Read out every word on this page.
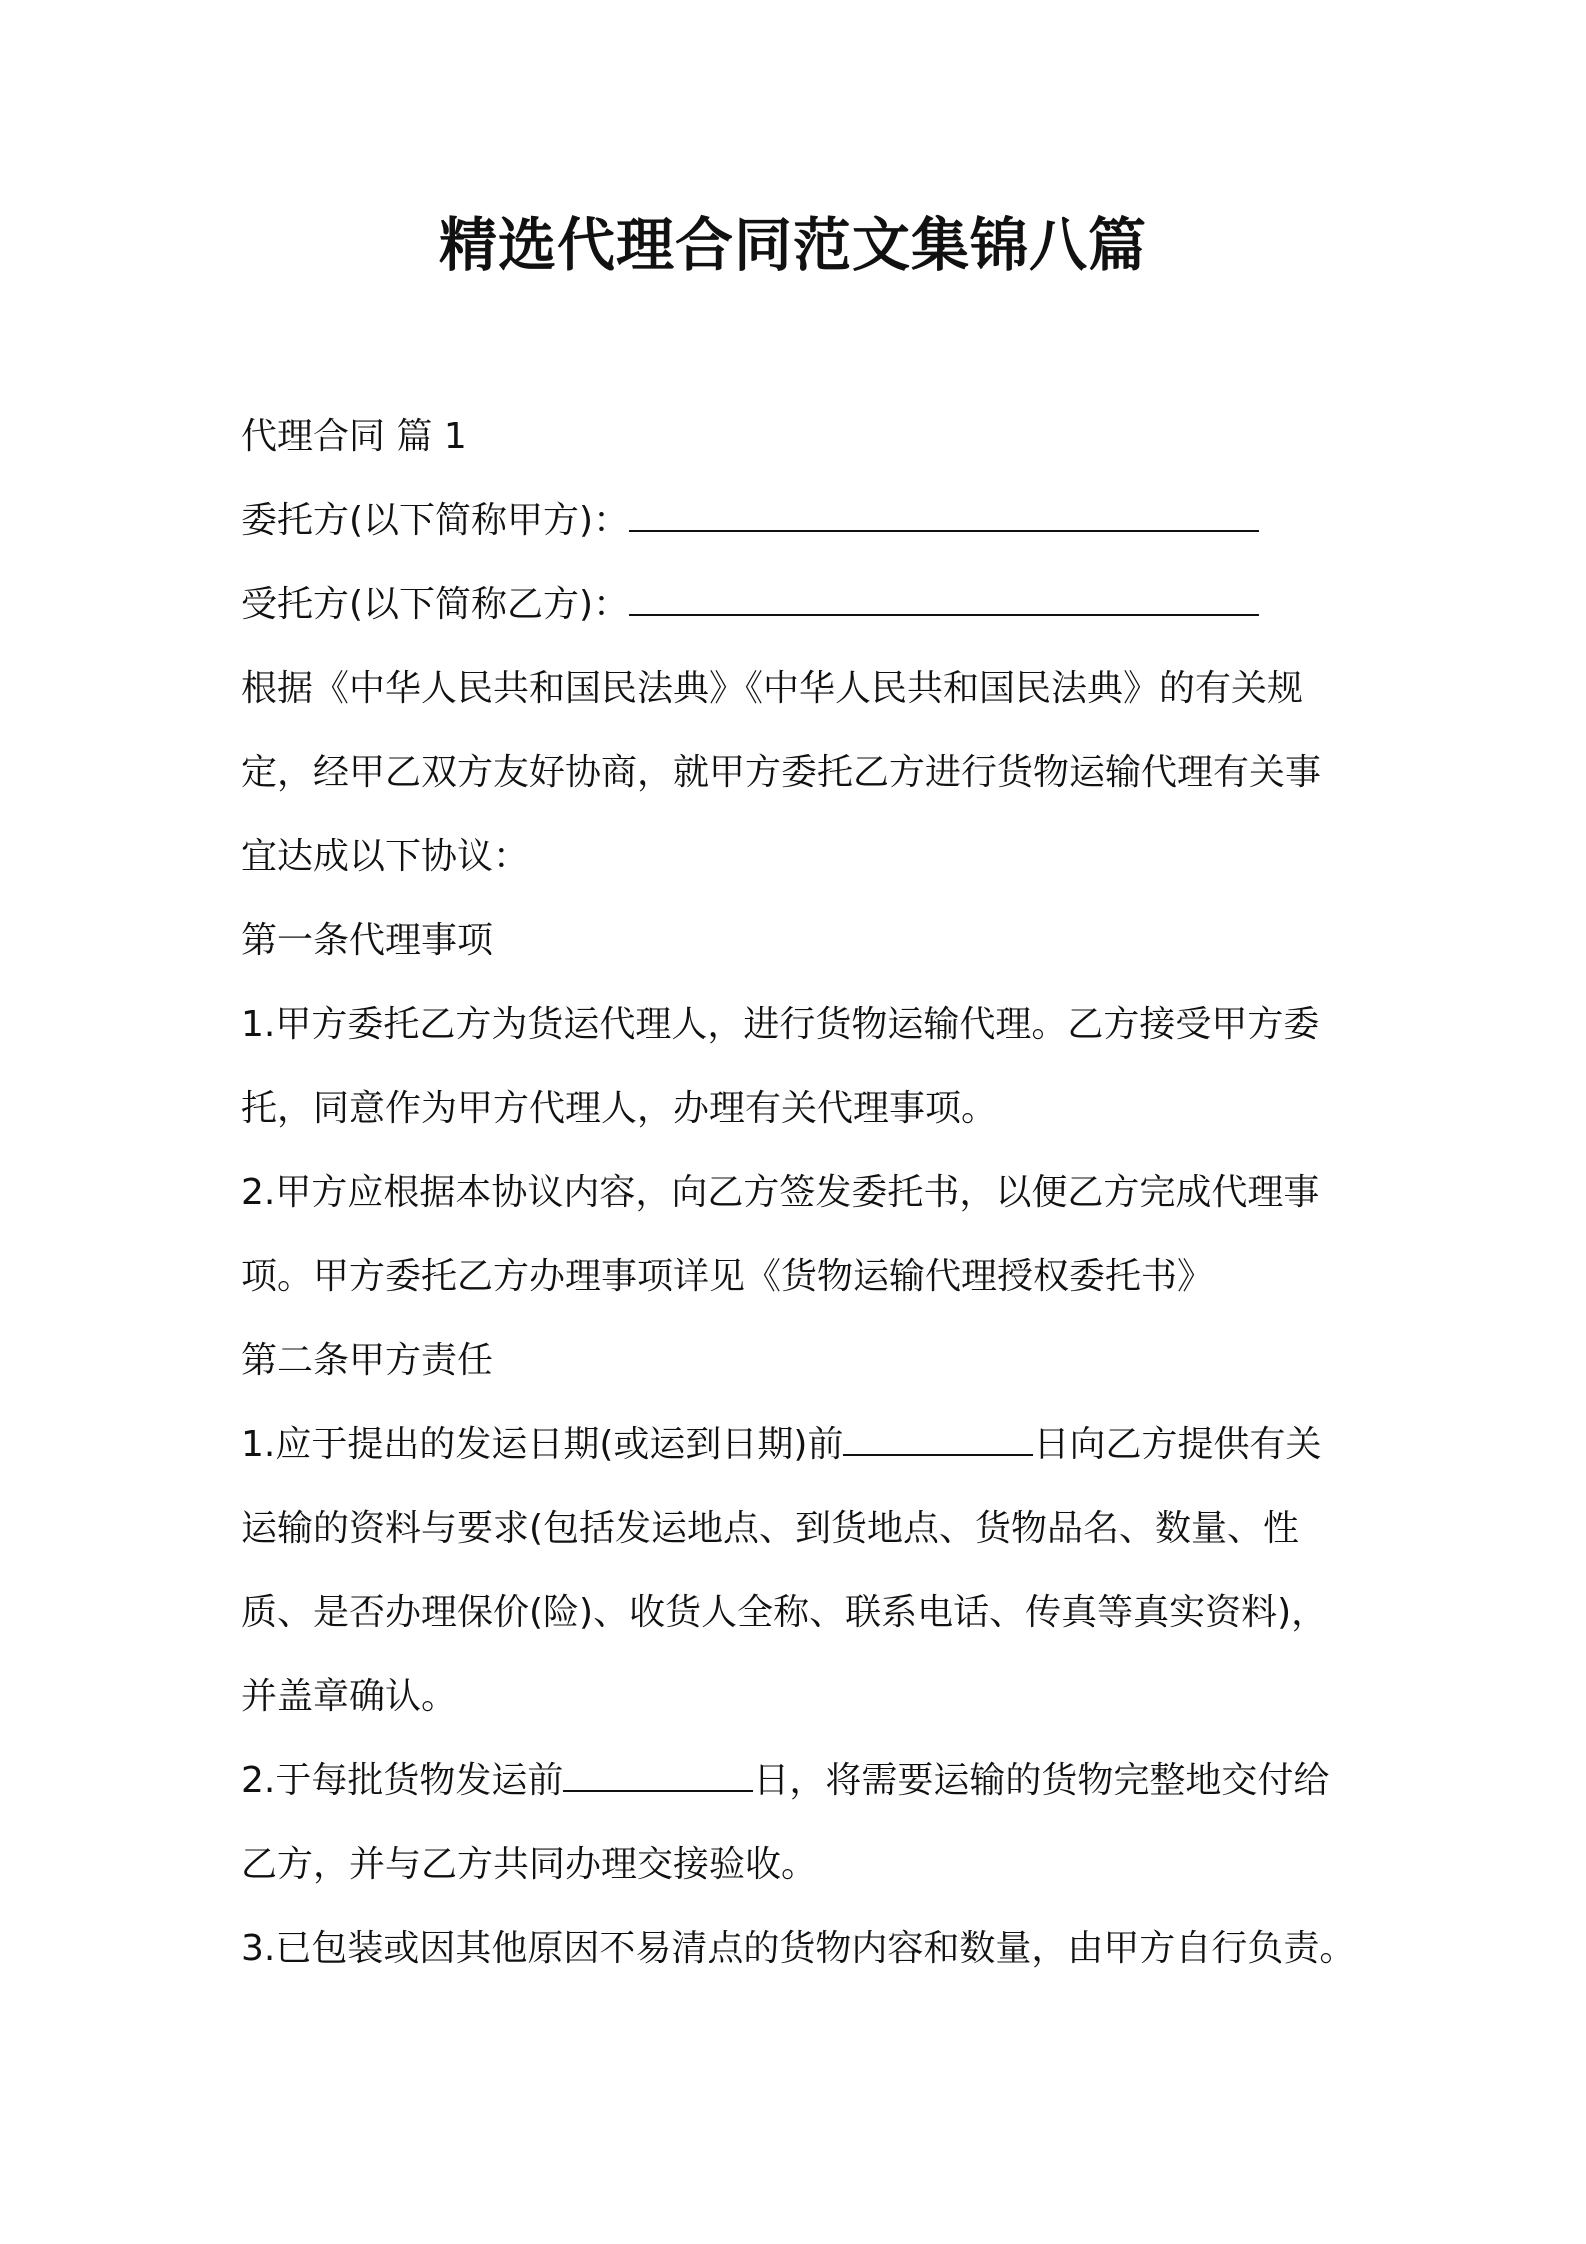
精选代理合同范文集锦八篇
代理合同 篇 1
委托方(以下简称甲方)：
受托方(以下简称乙方)：
根据《中华人民共和国民法典》《中华人民共和国民法典》的有关规
定，经甲乙双方友好协商，就甲方委托乙方进行货物运输代理有关事
宜达成以下协议：
第一条代理事项
1.甲方委托乙方为货运代理人，进行货物运输代理。乙方接受甲方委
托，同意作为甲方代理人，办理有关代理事项。
2.甲方应根据本协议内容，向乙方签发委托书，以便乙方完成代理事
项。甲方委托乙方办理事项详见《货物运输代理授权委托书》
第二条甲方责任
1.应于提出的发运日期(或运到日期)前	日向乙方提供有关
运输的资料与要求(包括发运地点、到货地点、货物品名、数量、性
质、是否办理保价(险)、收货人全称、联系电话、传真等真实资料)，
并盖章确认。
2.于每批货物发运前	日，将需要运输的货物完整地交付给
乙方，并与乙方共同办理交接验收。
3.已包装或因其他原因不易清点的货物内容和数量，由甲方自行负责。
